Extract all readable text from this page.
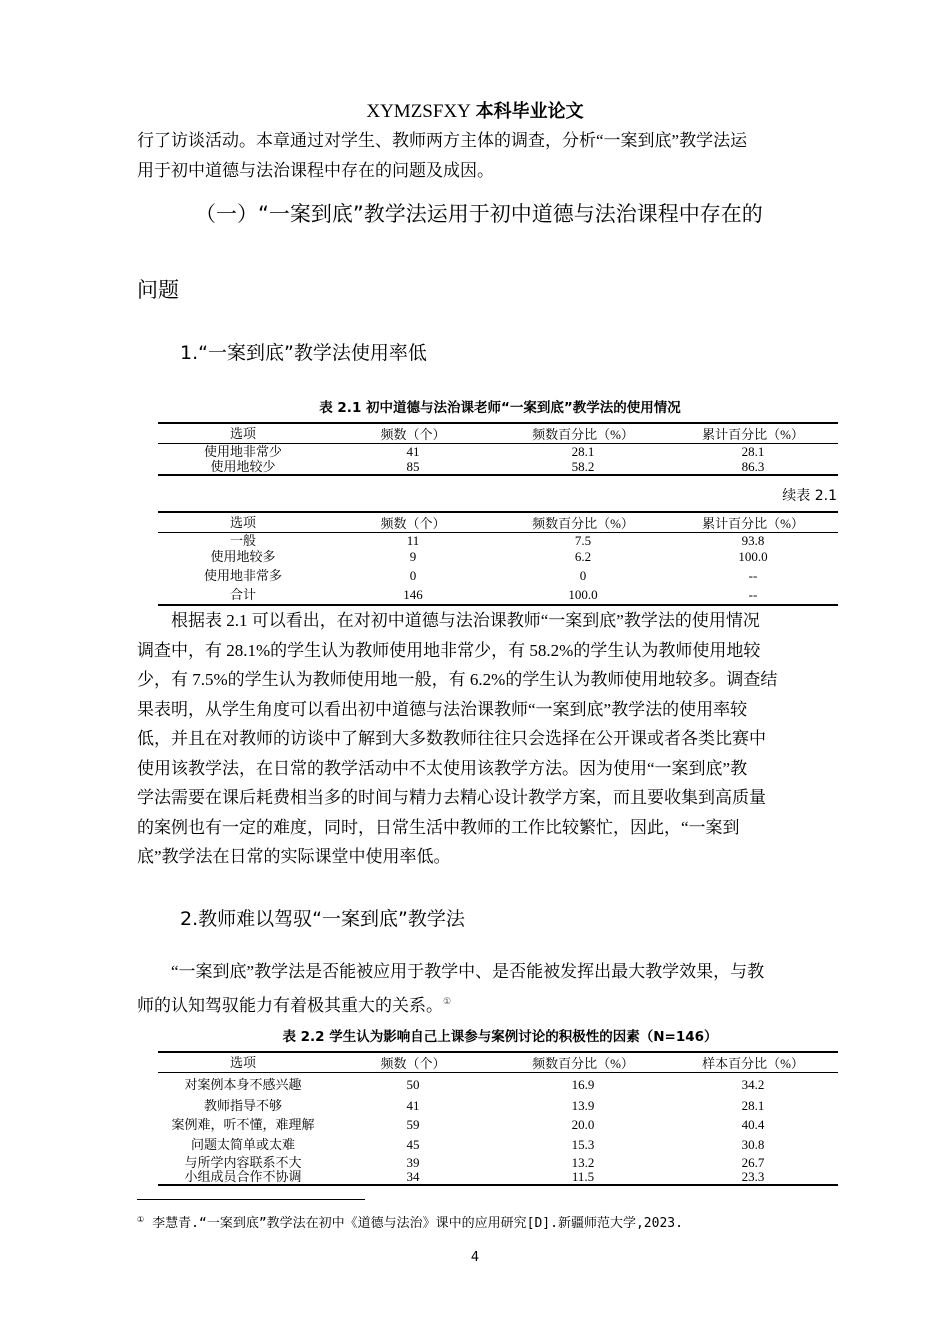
XYMZSFXY 本科毕业论文
行了访谈活动。本章通过对学生、教师两方主体的调查，分析“一案到底”教学法运
用于初中道德与法治课程中存在的问题及成因。
（一）“一案到底”教学法运用于初中道德与法治课程中存在的
问题
1.“一案到底”教学法使用率低
表 2.1 初中道德与法治课老师“一案到底”教学法的使用情况
选项	频数（个）	频数百分比（%）	累计百分比（%）
使用地非常少	41	28.1	28.1
使用地较少	85	58.2	86.3
续表 2.1
选项	频数（个）	频数百分比（%）	累计百分比（%）
一般	11	7.5	93.8
使用地较多	9	6.2	100.0
使用地非常多	0	0	--
合计	146	100.0	--
根据表 2.1 可以看出，在对初中道德与法治课教师“一案到底”教学法的使用情况
调查中，有 28.1%的学生认为教师使用地非常少，有 58.2%的学生认为教师使用地较
少，有 7.5%的学生认为教师使用地一般，有 6.2%的学生认为教师使用地较多。调查结
果表明，从学生角度可以看出初中道德与法治课教师“一案到底”教学法的使用率较
低，并且在对教师的访谈中了解到大多数教师往往只会选择在公开课或者各类比赛中
使用该教学法，在日常的教学活动中不太使用该教学方法。因为使用“一案到底”教
学法需要在课后耗费相当多的时间与精力去精心设计教学方案，而且要收集到高质量
的案例也有一定的难度，同时，日常生活中教师的工作比较繁忙，因此，“一案到
底”教学法在日常的实际课堂中使用率低。
2.教师难以驾驭“一案到底”教学法
“一案到底”教学法是否能被应用于教学中、是否能被发挥出最大教学效果，与教
师的认知驾驭能力有着极其重大的关系。①
表 2.2 学生认为影响自己上课参与案例讨论的积极性的因素（N=146）
选项	频数（个）	频数百分比（%）	样本百分比（%）
对案例本身不感兴趣	50	16.9	34.2
教师指导不够	41	13.9	28.1
案例难，听不懂，难理解	59	20.0	40.4
问题太简单或太难	45	15.3	30.8
与所学内容联系不大	39	13.2	26.7
小组成员合作不协调	34	11.5	23.3
① 李慧青.“一案到底”教学法在初中《道德与法治》课中的应用研究[D].新疆师范大学,2023.
4
